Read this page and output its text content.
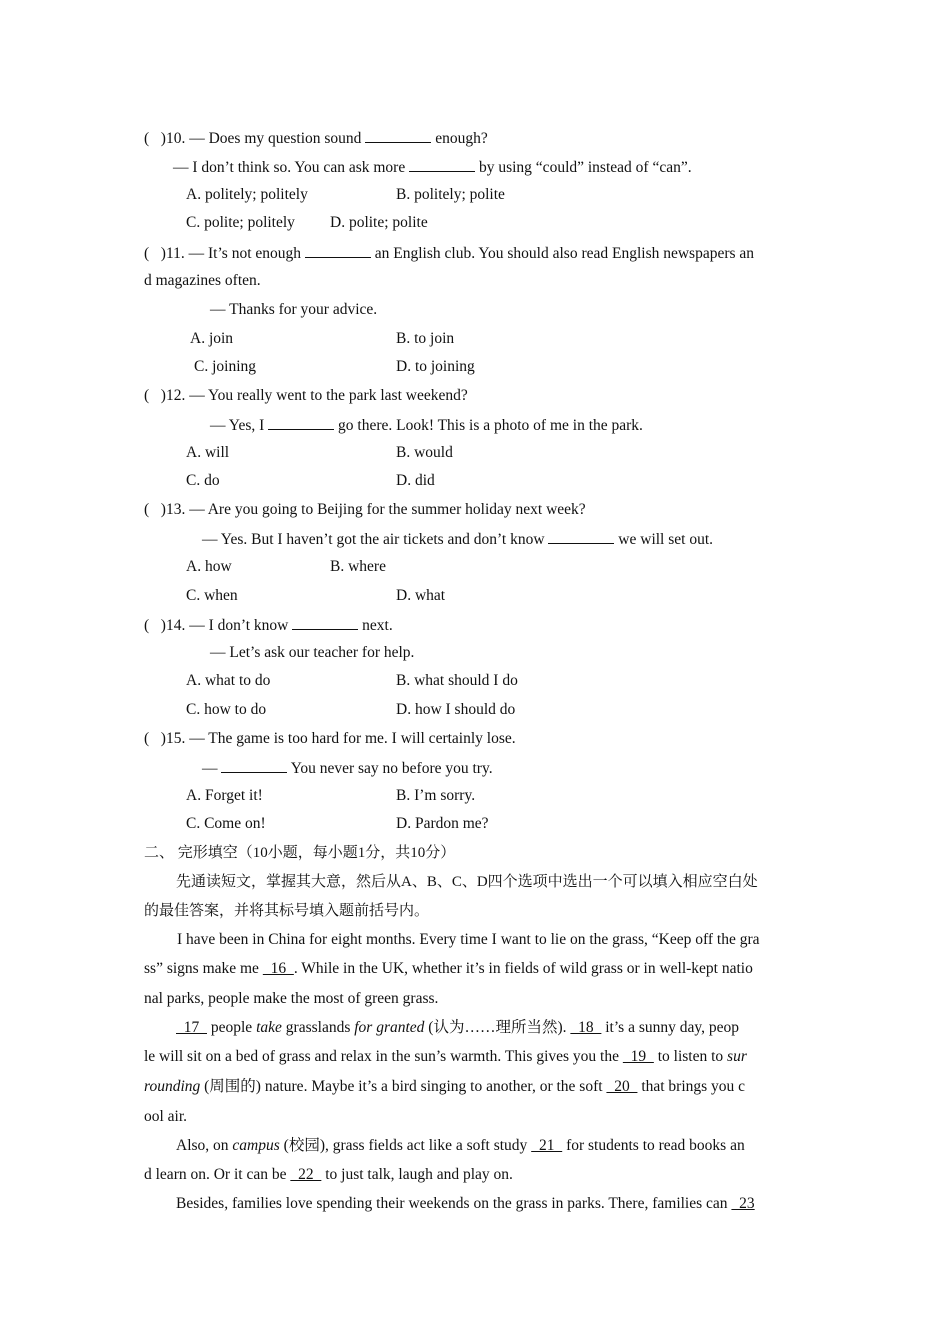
( )10. — Does my question sound	enough?
— I don’t think so. You can ask more	by using “could” instead of “can”.
A. politely; politely	B. politely; polite
C. polite; politely D. polite; polite
( )11. — It’s not enough	an English club. You should also read English newspapers an
d magazines often.
— Thanks for your advice.
A. join	B. to join
C. joining	D. to joining
( )12. — You really went to the park last weekend?
— Yes, I	go there. Look! This is a photo of me in the park.
A. will	B. would
C. do	D. did
( )13. — Are you going to Beijing for the summer holiday next week?
— Yes. But I haven’t got the air tickets and don’t know	we will set out.
A. how	B. where
C. when	D. what
( )14. — I don’t know	next.
— Let’s ask our teacher for help.
A. what to do	B. what should I do
C. how to do	D. how I should do
( )15. — The game is too hard for me. I will certainly lose.
—	You never say no before you try.
A. Forget it!	B. I’m sorry.
C. Come on!	D. Pardon me?
二、 完形填空（10小题，每小题1分，共10分）
先通读短文，掌握其大意，然后从A、B、C、D四个选项中选出一个可以填入相应空白处
的最佳答案，并将其标号填入题前括号内。
I have been in China for eight months. Every time I want to lie on the grass, “Keep off the gra
ss” signs make me   16  . While in the UK, whether it’s in fields of wild grass or in well-kept natio
nal parks, people make the most of green grass.
17   people take grasslands for granted (认为……理所当然).   18   it’s a sunny day, peop
le will sit on a bed of grass and relax in the sun’s warmth. This gives you the   19   to listen to sur
rounding (周围的) nature. Maybe it’s a bird singing to another, or the soft   20   that brings you c
ool air.
Also, on campus (校园), grass fields act like a soft study   21   for students to read books an
d learn on. Or it can be   22   to just talk, laugh and play on.
Besides, families love spending their weekends on the grass in parks. There, families can   23
